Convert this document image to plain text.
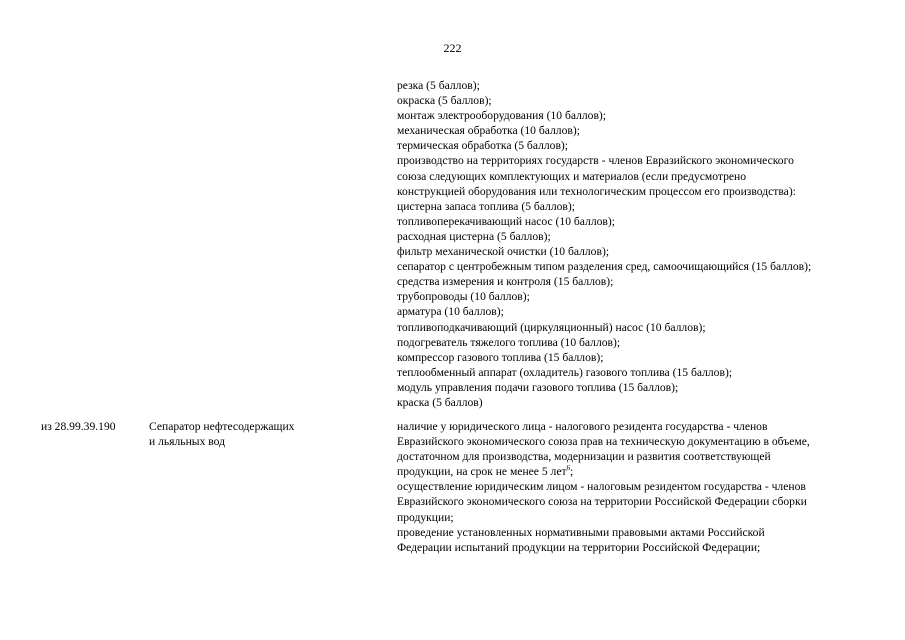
222
резка (5 баллов);
окраска (5 баллов);
монтаж электрооборудования (10 баллов);
механическая обработка (10 баллов);
термическая обработка (5 баллов);
производство на территориях государств - членов Евразийского экономического
союза следующих комплектующих и материалов (если предусмотрено
конструкцией оборудования или технологическим процессом его производства):
цистерна запаса топлива (5 баллов);
топливоперекачивающий насос (10 баллов);
расходная цистерна (5 баллов);
фильтр механической очистки (10 баллов);
сепаратор с центробежным типом разделения сред, самоочищающийся (15 баллов);
средства измерения и контроля (15 баллов);
трубопроводы (10 баллов);
арматура (10 баллов);
топливоподкачивающий (циркуляционный) насос (10 баллов);
подогреватель тяжелого топлива (10 баллов);
компрессор газового топлива (15 баллов);
теплообменный аппарат (охладитель) газового топлива (15 баллов);
модуль управления подачи газового топлива (15 баллов);
краска (5 баллов)
из 28.99.39.190	Сепаратор нефтесодержащих
и льяльных вод
наличие у юридического лица - налогового резидента государства - членов
Евразийского экономического союза прав на техническую документацию в объеме,
достаточном для производства, модернизации и развития соответствующей
продукции, на срок не менее 5 лет$^6$;
осуществление юридическим лицом - налоговым резидентом государства - членов
Евразийского экономического союза на территории Российской Федерации сборки
продукции;
проведение установленных нормативными правовыми актами Российской
Федерации испытаний продукции на территории Российской Федерации;
